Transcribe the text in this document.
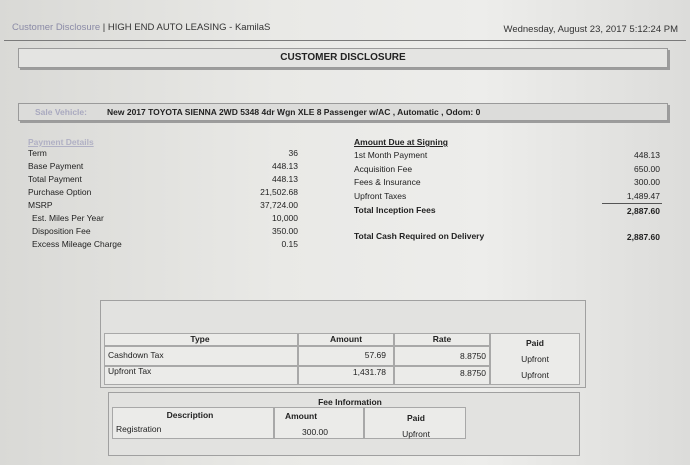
Customer Disclosure | HIGH END AUTO LEASING - KamilaS	Wednesday, August 23, 2017 5:12:24 PM
CUSTOMER DISCLOSURE
Sale Vehicle: New 2017 TOYOTA SIENNA 2WD 5348 4dr Wgn XLE 8 Passenger w/AC , Automatic , Odom: 0
Payment Details
Term	36
Base Payment	448.13
Total Payment	448.13
Purchase Option	21,502.68
MSRP	37,724.00
Est. Miles Per Year	10,000
Disposition Fee	350.00
Excess Mileage Charge	0.15
Amount Due at Signing
1st Month Payment	448.13
Acquisition Fee	650.00
Fees & Insurance	300.00
Upfront Taxes	1,489.47
Total Inception Fees	2,887.60
Total Cash Required on Delivery	2,887.60
Type	Amount	Rate	Paid
Cashdown Tax	57.69	8.8750	Upfront
Upfront Tax	1,431.78	8.8750	Upfront
Fee Information
Description	Amount	Paid
Registration	300.00	Upfront
